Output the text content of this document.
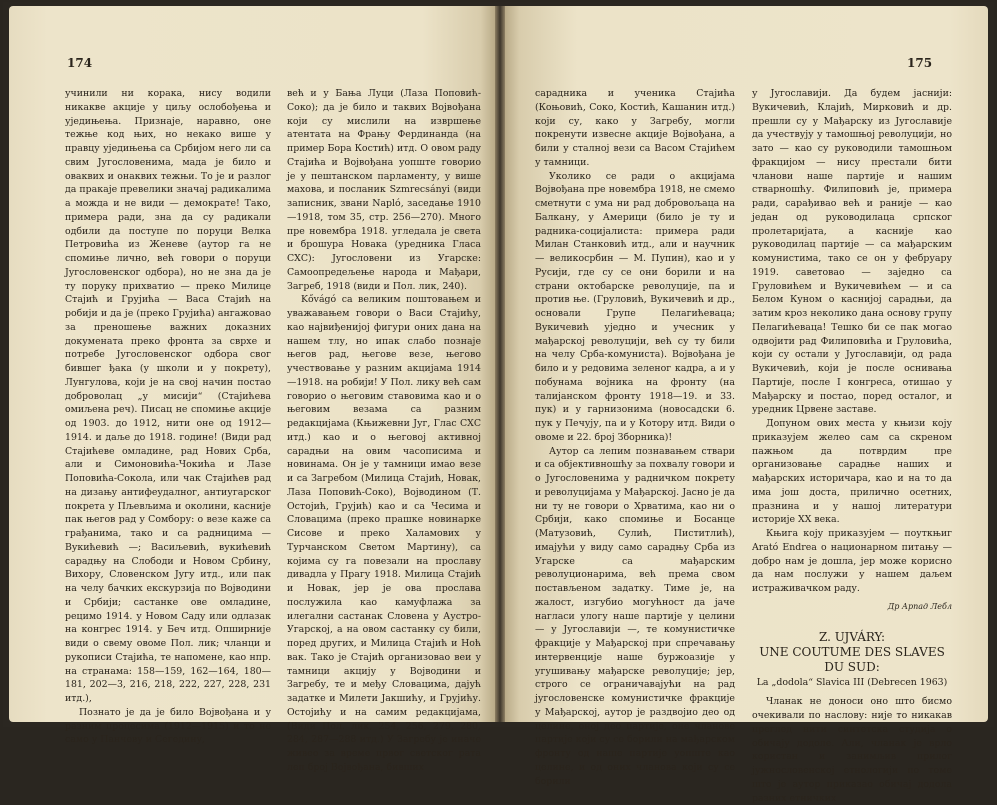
174

учинили ни корака, нису водили никакве акције у циљу ослобођења и уједињења. Признаје, наравно, оне тежње код њих, но некако више у правцу уједињења са Србијом него ли са свим Југословенима, мада је било и оваквих и онаквих тежњи. То је и разлог да пракаје превелики значај радикалима а можда и не види — демократе! Тако, примера ради, зна да су радикали одбили да поступе по поруци Велка Петровића из Женеве (аутор га не спомиње лично, већ говори о поруци Југословенског одбора), но не зна да је ту поруку прихватио — преко Милице Стајић и Грујића — Васа Стајић на робији и да је (преко Грујића) ангажовао за преношење важних доказних докумената преко фронта за сврхе и потребе Југословенског одбора свог бившег ђака (у школи и у покрету), Лунгулова, који је на свој начин постао доброволац „у мисији“ (Стајићева омиљена реч). Писац не спомиње акције од 1903. до 1912, нити оне од 1912—1914. и даље до 1918. године! (Види рад Стајићеве омладине, рад Нових Срба, али и Симоновића-Чокића и Лазе Поповића-Сокола, или чак Стајићев рад на дизању антифеудалног, антиугарског покрета у Пљевљима и околини, касније пак његов рад у Сомбору: о везе каже са грађанима, тако и са радницима — Вукићевић —; Васиљевић, вукићевић сарадњу на Слободи и Новом Србину, Вихору, Словенском Југу итд., или пак на челу бачких екскурзија по Војводини и Србији; састанке ове омладине, рецимо 1914. у Новом Саду или одлазак на конгрес 1914. у Беч итд. Опширније види о свему овоме Пол. лик; чланци и рукописи Стајића, те напомене, као нпр. на странама: 158—159, 162—164, 180—181, 202—3, 216, 218, 222, 227, 228, 231 итд.),

Познато је да је било Војвођана и у разним процесима (1912—1915) и то не само у Панчеву и Сегедину,

већ и у Бања Луци (Лаза Поповић-Соко); да је било и таквих Војвођана који су мислили на извршење атентата на Фрању Фердинанда (на пример Бора Костић) итд. О овом раду Стајића и Војвођана уопште говорио је у пештанском парламенту, у више махова, и посланик Szmrecsányi (види записник, звани Napló, заседање 1910—1918, том 35, стр. 256—270). Много пре новембра 1918. угледала је света и брошура Новака (уредника Гласа СХС): Југословени из Угарске: Самоопредељење народа и Мађари, Загреб, 1918 (види и Пол. лик, 240).

Kővágó са великим поштовањем и уважавањем говори о Васи Стајићу, као највиђенијој фигури оних дана на нашем тлу, но ипак слабо познаје његов рад, његове везе, његово учествовање у разним акцијама 1914—1918. на робији! У Пол. лику већ сам говорио о његовим ставовима као и о његовим везама са разним редакцијама (Књижевни Југ, Глас СХС итд.) као и о његовој активној сарадњи на овим часописима и новинама. Он је у тамници имао везе и са Загребом (Милица Стајић, Новак, Лаза Поповић-Соко), Војводином (Т. Остојић, Грујић) као и са Чесима и Словацима (преко прашке новинарке Сисове и преко Халамових у Турчанском Светом Мартину), са којима су га повезали на прославу дивадла у Прагу 1918. Милица Стајић и Новак, јер је ова прослава послужила као камуфлажа за илегални састанак Словена у Аустро-Угарској, а на овом састанку су били, поред других, и Милица Стајић и Нoћ вак. Тако је Стајић организовао веи у тамници акцију у Војводини и Загребу, те и међу Словацима, дајућ задатке и Милети Јакшићу, и Грујићу. Остојићу и на самим редакцијама, (Види Пол. лик, 254, 256, 279, 280, 284, 287—288 итд.) У Загребу је иначе живео за време првог светског рата леп број Војвођана, бивших

175

сарадника и ученика Стајића (Коњовић, Соко, Костић, Кашанин итд.) који су, како у Загребу, могли покренути извесне акције Војвођана, а били у сталној вези са Васом Стајићем у тамници.

Уколико се ради о акцијама Војвођана пре новембра 1918, не смемо сметнути с ума ни рад добровољаца на Балкану, у Америци (било је ту и радника-социјалиста: примера ради Милан Станковић итд., али и научник — великосрбин — М. Пупин), као и у Русији, где су се они борили и на страни октобарске револуције, па и против ње. (Груловић, Вукичевић и др., основали Групе Пелагићеваца; Вукичевић уједно и учесник у мађарској револуцији, већ су ту били на челу Срба-комуниста). Војвођана је било и у редовима зеленог кадра, а и у побунама војника на фронту (на талијанском фронту 1918—19. и 33. пук) и у гарнизонима (новосадски 6. пук у Печују, па и у Котору итд. Види о овоме и 22. број Зборника)!

Аутор са лепим познавањем ствари и са објективношћу за похвалу говори и о Југословенима у радничком покрету и револуцијама у Мађарској. Јасно је да ни ту не говори о Хрватима, као ни о Србији, како спомиње и Босанце (Матузовић, Сулић, Пиститлић), имајући у виду само сарадњу Срба из Угарске са мађарским револуционарима, већ према свом постављеном задатку. Тиме је, на жалост, изгубио могућност да јаче нагласи улогу наше партије у целини — у Југославији —, те комунистичке фракције у Мађарској при спречавању интервенције наше буржоазије у угушивању мађарске револуције; јер, строго се ограничавајући на рад југословенске комунистичке фракције у Мађарској, аутор је раздвојио део од целине, оној део партије, оне чланове партије који су се борили на мађарском фронту од наше партије уопште као целине, и од оних чланова који су се борили

у Југославији. Да будем јаснији: Вукичевић, Клајић, Мирковић и др. прешли су у Мађарску из Југославије да учествују у тамошњој револуцији, но зато — као су руководили тамошњом фракцијом — нису престали бити чланови наше партије и нашим стварношћу. Филиповић је, примера ради, сарађивао већ и раније — као један од руководилаца српског пролетаријата, а касније као руководилац партије — са мађарским комунистима, тако се он у фебруару 1919. саветовао — заједно са Груловићем и Вукичевићем — и са Белом Куном о каснијој сарадњи, да затим кроз неколико дана основу групу Пелагићеваца! Тешко би се пак могао одвојити рад Филиповића и Груловића, који су остали у Југославији, од рада Вукичевић, који је после оснивања Партије, после I конгреса, отишао у Мађарску и постао, поред осталог, и уредник Црвене заставе.

Допуном ових места у књизи коју приказујем желео сам са скреном пажњом да потврдим пре организовање сарадње наших и мађарских историчара, као и на то да има још доста, прилично осетних, празнина и у нашој литератури историје XX века.

Књига коју приказујем — поуткњиг Arató Endrea о национарном питању — добро нам је дошла, јер може корисно да нам послужи у нашем даљем истраживачком раду.

Др Арпад Лебл
Z. UJVÁRY:
UNE COUTUME DES SLAVES DU SUD:
La „dodola“ Slavica III (Debrecen 1963)

Чланак не доноси оно што бисмо очекивали по наслову: није то никакав преглед нити синтетска студија о обичају додоле. Али, чланак је врло користан и занимљив прилог јужнословенској етнологији по томе што је аутор приказао обичај додола разних етничких
